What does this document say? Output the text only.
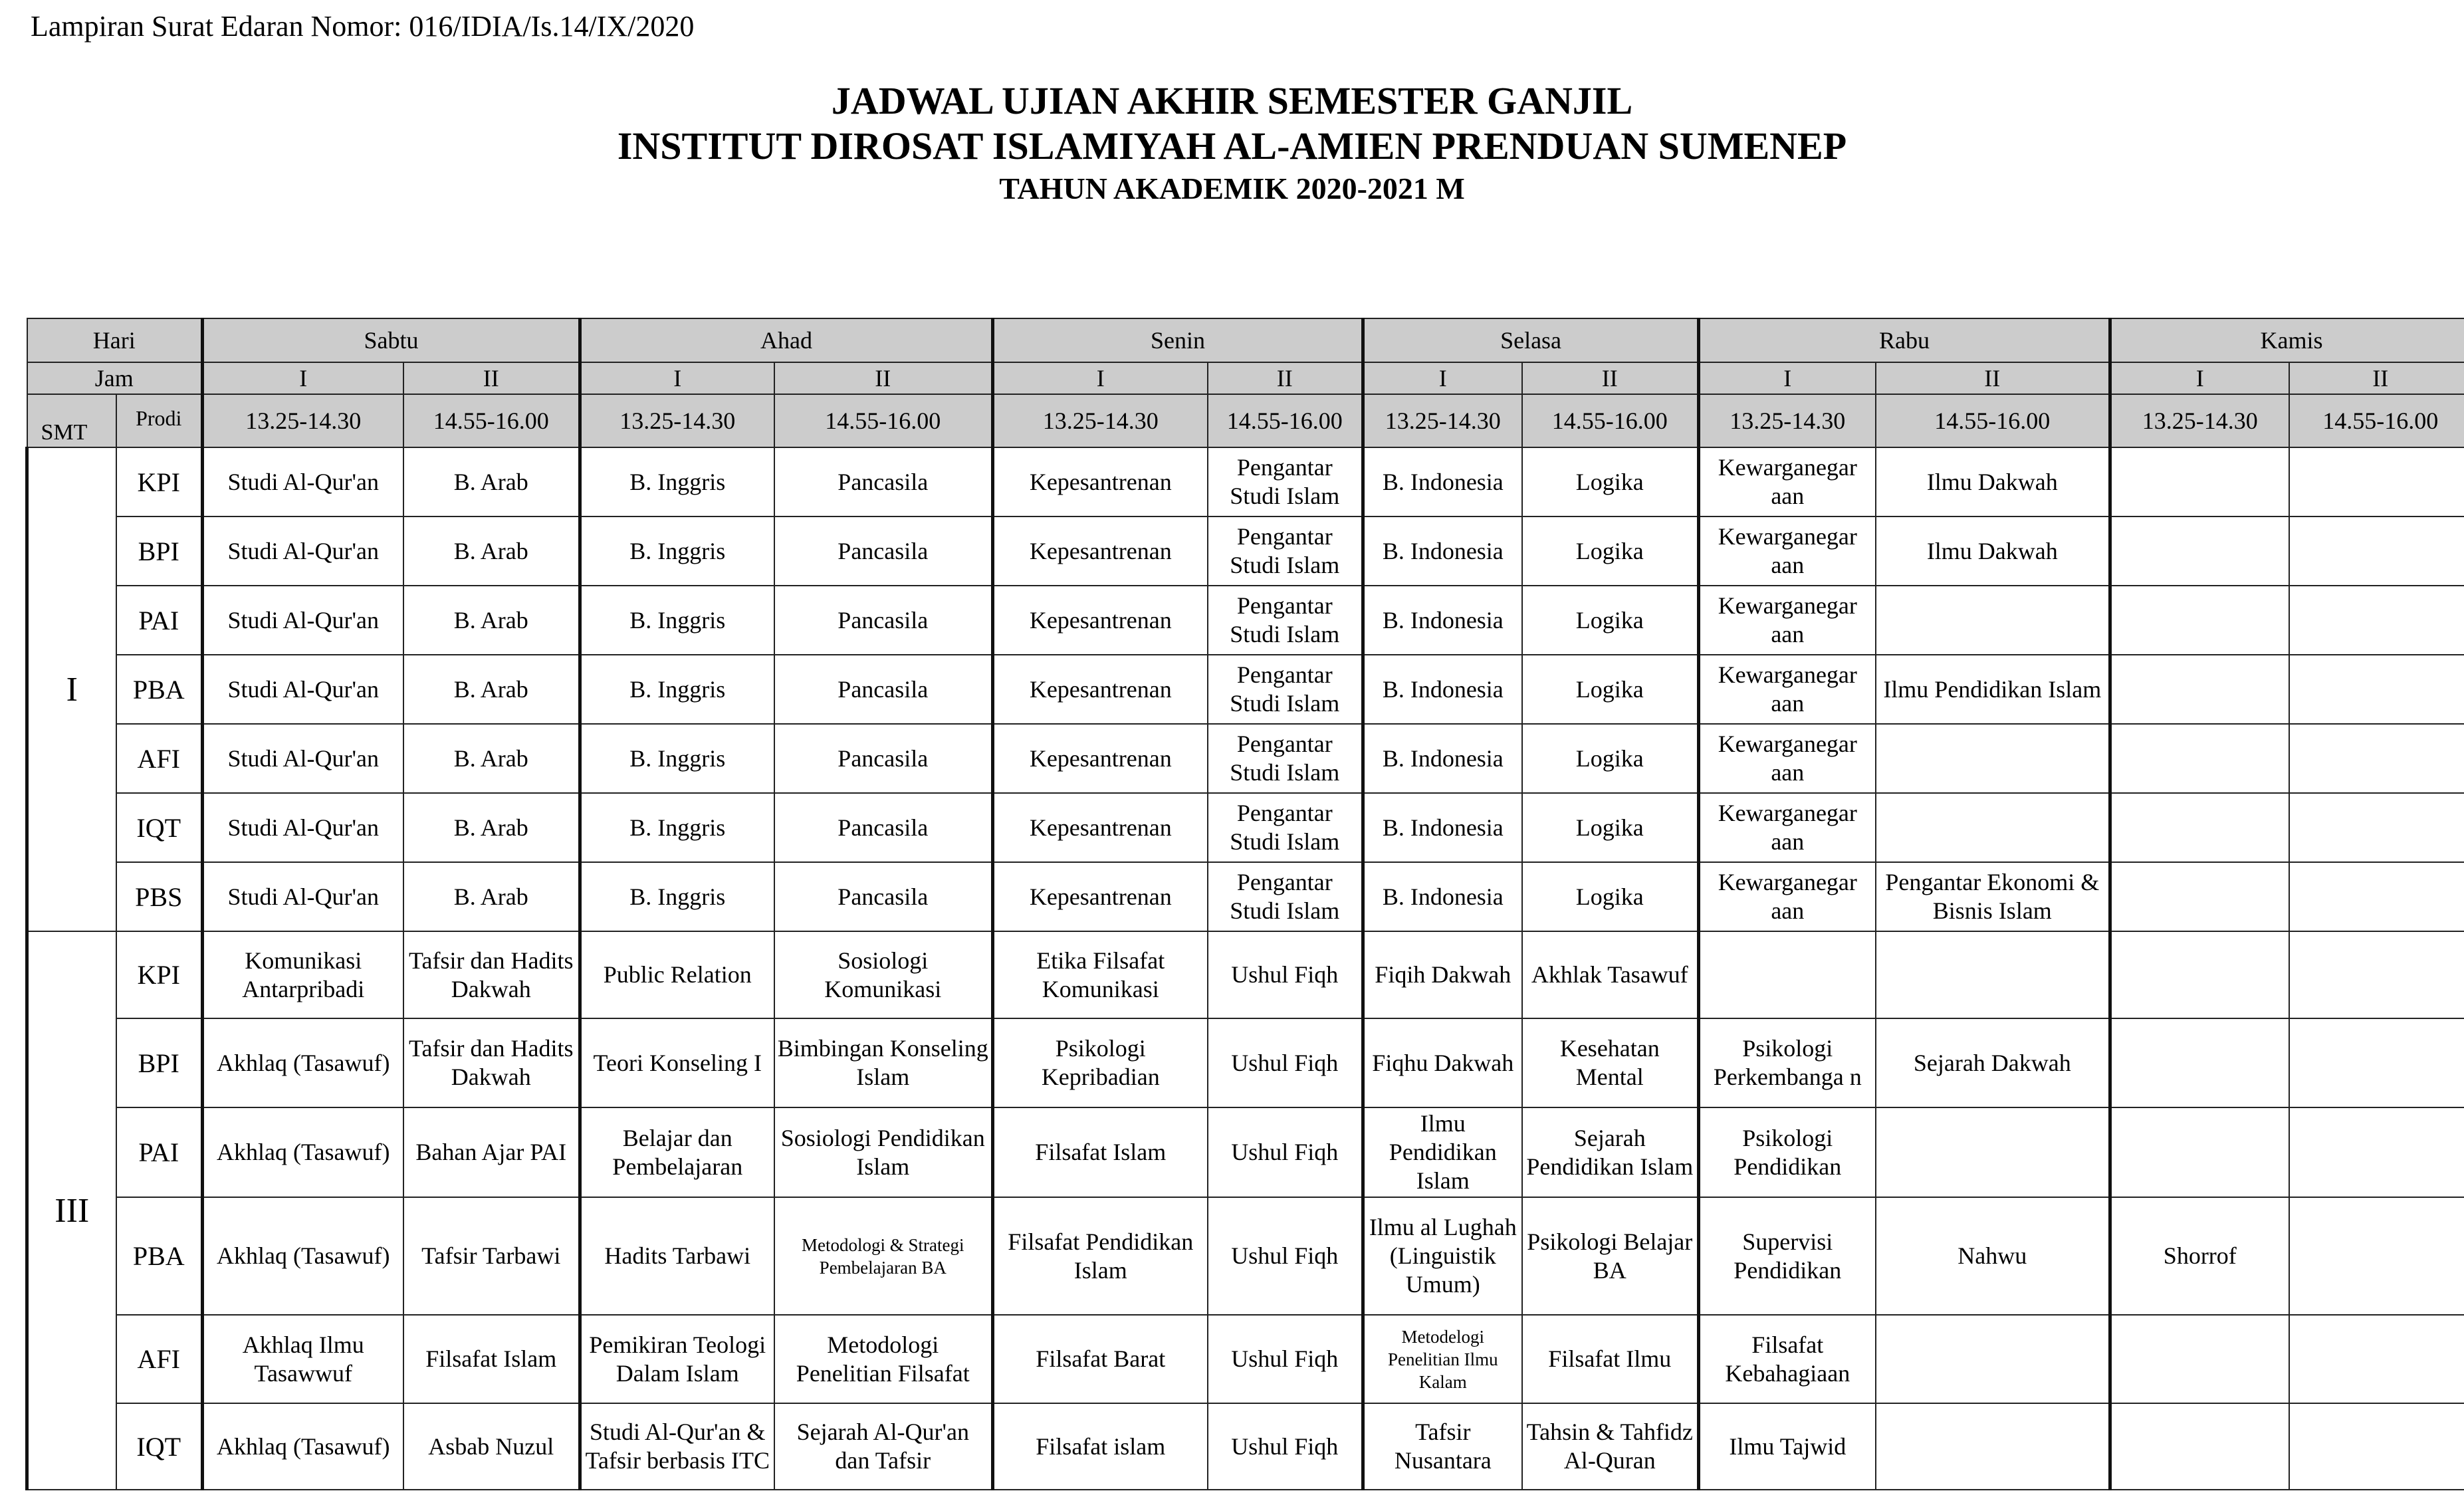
Lampiran Surat Edaran Nomor: 016/IDIA/Is.14/IX/2020
JADWAL UJIAN AKHIR SEMESTER GANJIL
INSTITUT DIROSAT ISLAMIYAH AL-AMIEN PRENDUAN SUMENEP
TAHUN AKADEMIK 2020-2021 M
Hari		Sabtu		Ahad		Senin		Selasa		Rabu		Kamis	
Jam		I	II	I	II	I	II	I	II	I	II	I	II
SMT	Prodi	13.25-14.30	14.55-16.00	13.25-14.30	14.55-16.00	13.25-14.30	14.55-16.00	13.25-14.30	14.55-16.00	13.25-14.30	14.55-16.00	13.25-14.30	14.55-16.00
I	KPI	Studi Al-Qur'an	B. Arab	B. Inggris	Pancasila	Kepesantrenan	Pengantar Studi Islam	B. Indonesia	Logika	Kewarganegar aan	Ilmu Dakwah		
	BPI	Studi Al-Qur'an	B. Arab	B. Inggris	Pancasila	Kepesantrenan	Pengantar Studi Islam	B. Indonesia	Logika	Kewarganegar aan	Ilmu Dakwah		
	PAI	Studi Al-Qur'an	B. Arab	B. Inggris	Pancasila	Kepesantrenan	Pengantar Studi Islam	B. Indonesia	Logika	Kewarganegar aan			
	PBA	Studi Al-Qur'an	B. Arab	B. Inggris	Pancasila	Kepesantrenan	Pengantar Studi Islam	B. Indonesia	Logika	Kewarganegar aan	Ilmu Pendidikan Islam		
	AFI	Studi Al-Qur'an	B. Arab	B. Inggris	Pancasila	Kepesantrenan	Pengantar Studi Islam	B. Indonesia	Logika	Kewarganegar aan			
	IQT	Studi Al-Qur'an	B. Arab	B. Inggris	Pancasila	Kepesantrenan	Pengantar Studi Islam	B. Indonesia	Logika	Kewarganegar aan			
	PBS	Studi Al-Qur'an	B. Arab	B. Inggris	Pancasila	Kepesantrenan	Pengantar Studi Islam	B. Indonesia	Logika	Kewarganegar aan	Pengantar Ekonomi & Bisnis Islam		
III	KPI	Komunikasi Antarpribadi	Tafsir dan Hadits Dakwah	Public Relation	Sosiologi Komunikasi	Etika Filsafat Komunikasi	Ushul Fiqh	Fiqih Dakwah	Akhlak Tasawuf				
	BPI	Akhlaq (Tasawuf)	Tafsir dan Hadits Dakwah	Teori Konseling I	Bimbingan Konseling Islam	Psikologi Kepribadian	Ushul Fiqh	Fiqhu Dakwah	Kesehatan Mental	Psikologi Perkembanga n	Sejarah Dakwah		
	PAI	Akhlaq (Tasawuf)	Bahan Ajar PAI	Belajar dan Pembelajaran	Sosiologi Pendidikan Islam	Filsafat Islam	Ushul Fiqh	Ilmu Pendidikan Islam	Sejarah Pendidikan Islam	Psikologi Pendidikan			
	PBA	Akhlaq (Tasawuf)	Tafsir Tarbawi	Hadits Tarbawi	Metodologi & Strategi Pembelajaran BA	Filsafat Pendidikan Islam	Ushul Fiqh	Ilmu al Lughah (Linguistik Umum)	Psikologi Belajar BA	Supervisi Pendidikan	Nahwu	Shorrof	
	AFI	Akhlaq Ilmu Tasawwuf	Filsafat Islam	Pemikiran Teologi Dalam Islam	Metodologi Penelitian Filsafat	Filsafat Barat	Ushul Fiqh	Metodelogi Penelitian Ilmu Kalam	Filsafat Ilmu	Filsafat Kebahagiaan			
	IQT	Akhlaq (Tasawuf)	Asbab Nuzul	Studi Al-Qur'an & Tafsir berbasis ITC	Sejarah Al-Qur'an dan Tafsir	Filsafat islam	Ushul Fiqh	Tafsir Nusantara	Tahsin & Tahfidz Al-Quran	Ilmu Tajwid			
